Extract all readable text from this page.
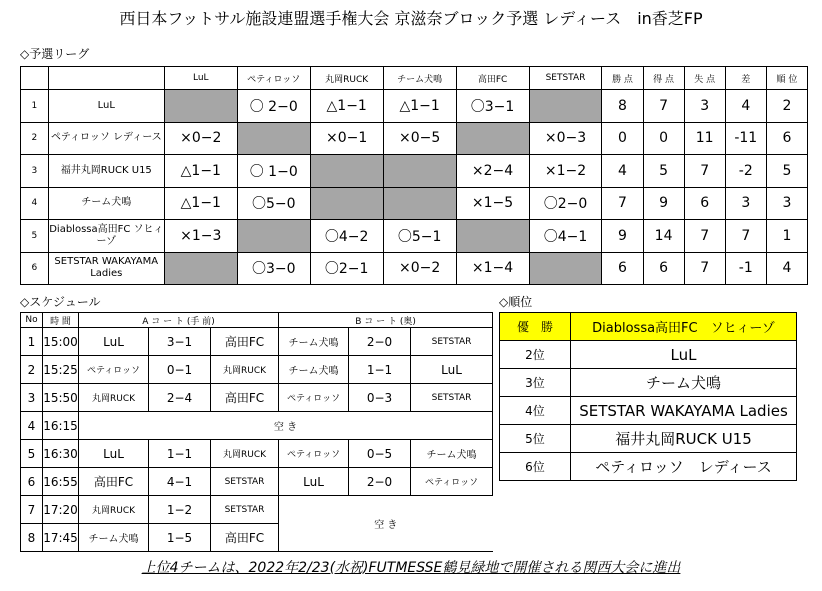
西日本フットサル施設連盟選手権大会 京滋奈ブロック予選 レディース　in香芝FP
◇予選リーグ
		LuL	ペティロッソ	丸岡RUCK	チーム犬鳴	高田FC	SETSTAR	勝 点	得 点	失 点	差	順 位
1	LuL		〇 2−0	△1−1	△1−1	〇3−1		8	7	3	4	2
2	ペティロッソ レディース	×0−2		×0−1	×0−5		×0−3	0	0	11	-11	6
3	福井丸岡RUCK U15	△1−1	〇 1−0			×2−4	×1−2	4	5	7	-2	5
4	チーム犬鳴	△1−1	〇5−0			×1−5	〇2−0	7	9	6	3	3
5	Diablossa高田FC ソヒィーゾ	×1−3		〇4−2	〇5−1		〇4−1	9	14	7	7	1
6	SETSTAR WAKAYAMA Ladies		〇3−0	〇2−1	×0−2	×1−4		6	6	7	-1	4
◇スケジュール
No	時 間	A コ ー ト (手 前)			B コ ー ト (奥)		
1	15:00	LuL	3−1	高田FC	チーム犬鳴	2−0	SETSTAR
2	15:25	ペティロッソ	0−1	丸岡RUCK	チーム犬鳴	1−1	LuL
3	15:50	丸岡RUCK	2−4	高田FC	ペティロッソ	0−3	SETSTAR
4	16:15	空 き					
5	16:30	LuL	1−1	丸岡RUCK	ペティロッソ	0−5	チーム犬鳴
6	16:55	高田FC	4−1	SETSTAR	LuL	2−0	ペティロッソ
7	17:20	丸岡RUCK	1−2	SETSTAR	空 き		
8	17:45	チーム犬鳴	1−5	高田FC			
◇順位
優　勝	Diablossa高田FC　ソヒィーゾ
2位	LuL
3位	チーム犬鳴
4位	SETSTAR WAKAYAMA Ladies
5位	福井丸岡RUCK U15
6位	ペティロッソ　レディース
上位4チームは、2022年2/23(水祝)FUTMESSE鶴見緑地で開催される関西大会に進出
